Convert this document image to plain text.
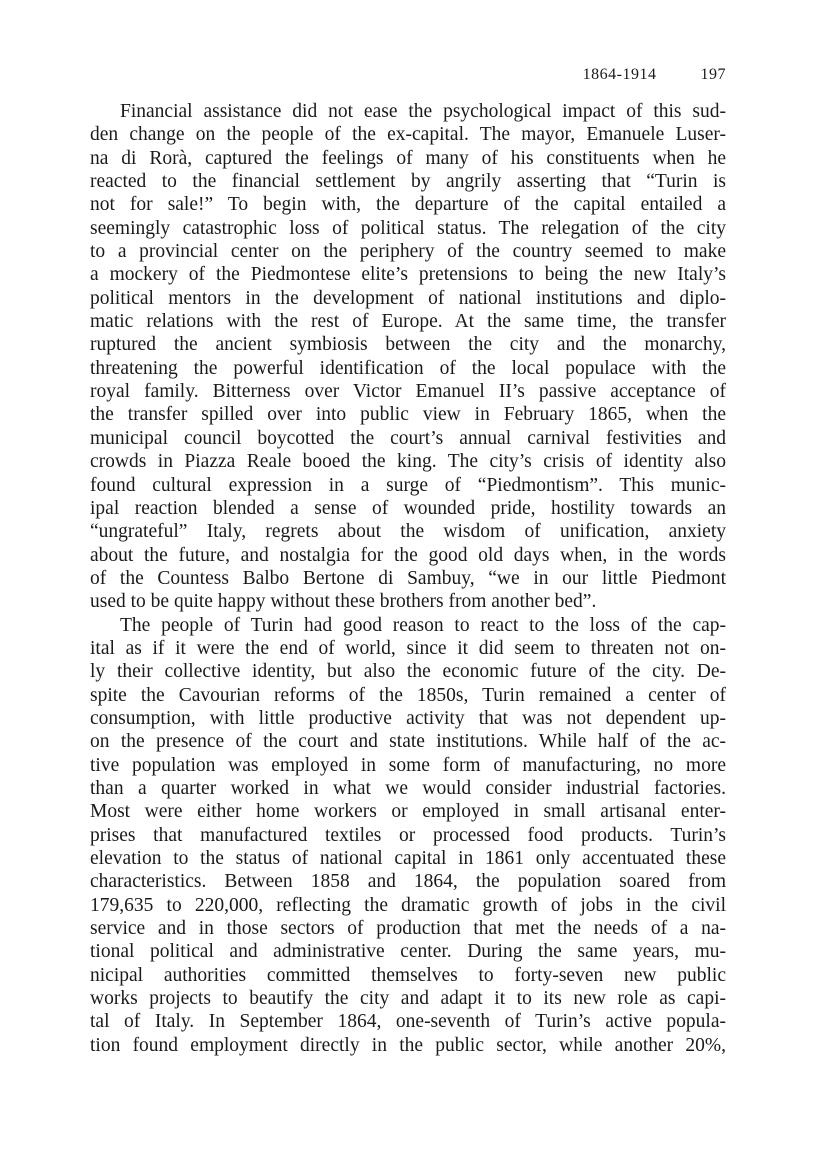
1864-1914	197
Financial assistance did not ease the psychological impact of this sud-
den change on the people of the ex-capital. The mayor, Emanuele Luser-
na di Rorà, captured the feelings of many of his constituents when he
reacted to the financial settlement by angrily asserting that “Turin is
not for sale!” To begin with, the departure of the capital entailed a
seemingly catastrophic loss of political status. The relegation of the city
to a provincial center on the periphery of the country seemed to make
a mockery of the Piedmontese elite’s pretensions to being the new Italy’s
political mentors in the development of national institutions and diplo-
matic relations with the rest of Europe. At the same time, the transfer
ruptured the ancient symbiosis between the city and the monarchy,
threatening the powerful identification of the local populace with the
royal family. Bitterness over Victor Emanuel II’s passive acceptance of
the transfer spilled over into public view in February 1865, when the
municipal council boycotted the court’s annual carnival festivities and
crowds in Piazza Reale booed the king. The city’s crisis of identity also
found cultural expression in a surge of “Piedmontism”. This munic-
ipal reaction blended a sense of wounded pride, hostility towards an
“ungrateful” Italy, regrets about the wisdom of unification, anxiety
about the future, and nostalgia for the good old days when, in the words
of the Countess Balbo Bertone di Sambuy, “we in our little Piedmont
used to be quite happy without these brothers from another bed”.
The people of Turin had good reason to react to the loss of the cap-
ital as if it were the end of world, since it did seem to threaten not on-
ly their collective identity, but also the economic future of the city. De-
spite the Cavourian reforms of the 1850s, Turin remained a center of
consumption, with little productive activity that was not dependent up-
on the presence of the court and state institutions. While half of the ac-
tive population was employed in some form of manufacturing, no more
than a quarter worked in what we would consider industrial factories.
Most were either home workers or employed in small artisanal enter-
prises that manufactured textiles or processed food products. Turin’s
elevation to the status of national capital in 1861 only accentuated these
characteristics. Between 1858 and 1864, the population soared from
179,635 to 220,000, reflecting the dramatic growth of jobs in the civil
service and in those sectors of production that met the needs of a na-
tional political and administrative center. During the same years, mu-
nicipal authorities committed themselves to forty-seven new public
works projects to beautify the city and adapt it to its new role as capi-
tal of Italy. In September 1864, one-seventh of Turin’s active popula-
tion found employment directly in the public sector, while another 20%,
